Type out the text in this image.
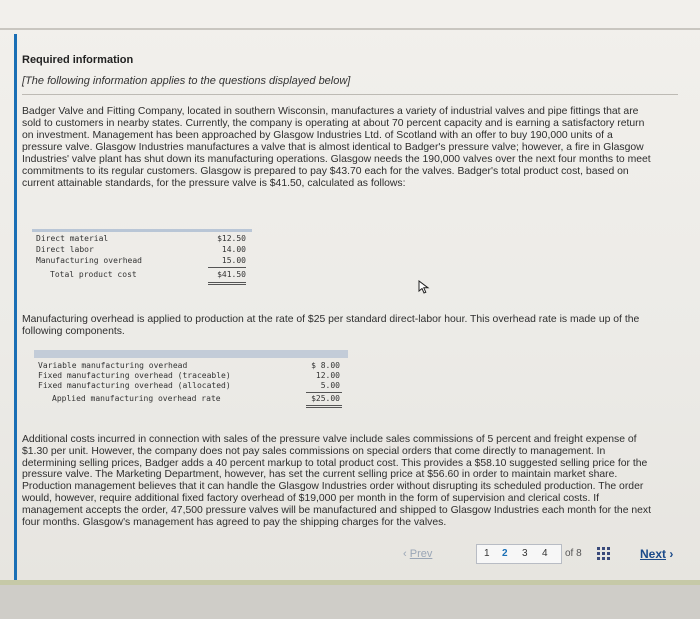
Required information
[The following information applies to the questions displayed below]
Badger Valve and Fitting Company, located in southern Wisconsin, manufactures a variety of industrial valves and pipe fittings that are sold to customers in nearby states. Currently, the company is operating at about 70 percent capacity and is earning a satisfactory return on investment. Management has been approached by Glasgow Industries Ltd. of Scotland with an offer to buy 190,000 units of a pressure valve. Glasgow Industries manufactures a valve that is almost identical to Badger's pressure valve; however, a fire in Glasgow Industries' valve plant has shut down its manufacturing operations. Glasgow needs the 190,000 valves over the next four months to meet commitments to its regular customers. Glasgow is prepared to pay $43.70 each for the valves. Badger's total product cost, based on current attainable standards, for the pressure valve is $41.50, calculated as follows:
Direct material	$12.50
Direct labor	14.00
Manufacturing overhead	15.00
Total product cost	$41.50
Manufacturing overhead is applied to production at the rate of $25 per standard direct-labor hour. This overhead rate is made up of the following components.
Variable manufacturing overhead	$ 8.00
Fixed manufacturing overhead (traceable)	12.00
Fixed manufacturing overhead (allocated)	5.00
Applied manufacturing overhead rate	$25.00
Additional costs incurred in connection with sales of the pressure valve include sales commissions of 5 percent and freight expense of $1.30 per unit. However, the company does not pay sales commissions on special orders that come directly to management. In determining selling prices, Badger adds a 40 percent markup to total product cost. This provides a $58.10 suggested selling price for the pressure valve. The Marketing Department, however, has set the current selling price at $56.60 in order to maintain market share. Production management believes that it can handle the Glasgow Industries order without disrupting its scheduled production. The order would, however, require additional fixed factory overhead of $19,000 per month in the form of supervision and clerical costs. If management accepts the order, 47,500 pressure valves will be manufactured and shipped to Glasgow Industries each month for the next four months. Glasgow's management has agreed to pay the shipping charges for the valves.
‹ Prev	1 2 3 4 of 8	Next ›
